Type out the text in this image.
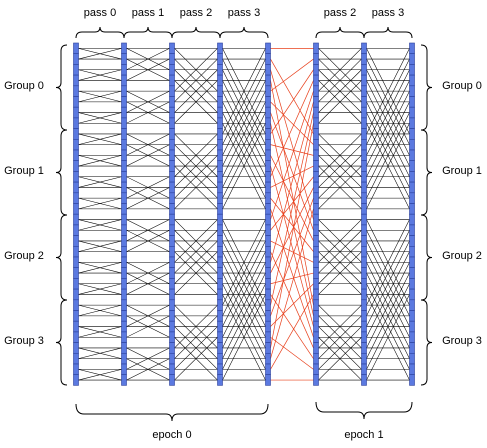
pass 0 pass 1 pass 2 pass 3	pass 2 pass 3
Group 0
Group 1
Group 2
Group 3
Group 0
Group 1
Group 2
Group 3
epoch 0	epoch 1
